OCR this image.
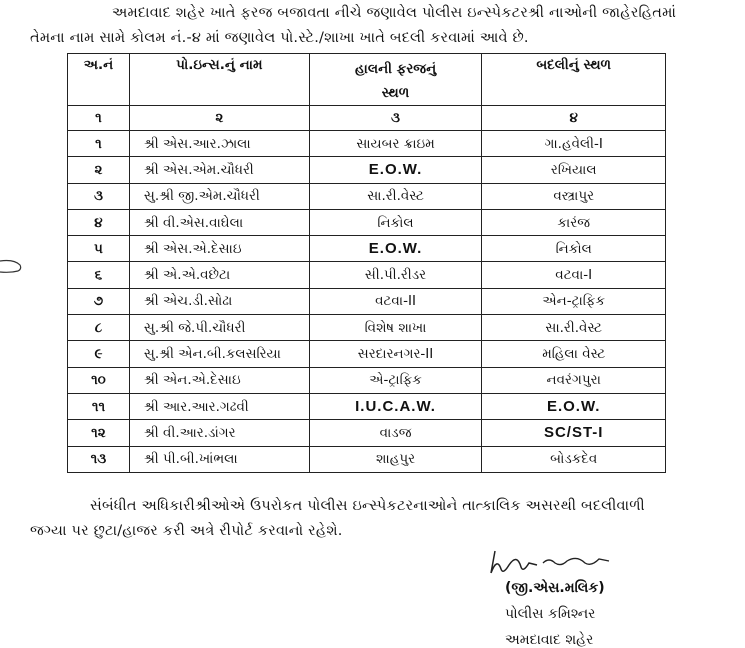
અમદાવાદ શહેર ખાતે ફરજ બજાવતા નીચે જણાવેલ પોલીસ ઇન્સ્પેકટરશ્રી નાઓની જાહેરહિતમાં
તેમના નામ સામે કોલમ નં.-૪ માં જણાવેલ પો.સ્ટે./શાખા ખાતે બદલી કરવામાં આવે છે.
અ.નં	પો.ઇન્સ.નું નામ	હાલની ફરજનું સ્થળ	બદલીનું સ્થળ
૧	૨	૩	૪
૧	શ્રી એસ.આર.ઝાલા	સાયબર ક્રાઇમ	ગા.હવેલી-I
૨	શ્રી એસ.એમ.ચૌધરી	E.O.W.	રખિયાલ
૩	સુ.શ્રી જી.એમ.ચૌધરી	સા.રી.વેસ્ટ	વસ્ત્રાપુર
૪	શ્રી વી.એસ.વાઘેલા	નિકોલ	કારંજ
૫	શ્રી એસ.એ.દેસાઇ	E.O.W.	નિકોલ
૬	શ્રી એ.એ.વછેટા	સી.પી.રીડર	વટવા-I
૭	શ્રી એચ.ડી.સોઢા	વટવા-II	એન-ટ્રાફિક
૮	સુ.શ્રી જે.પી.ચૌધરી	વિશેષ શાખા	સા.રી.વેસ્ટ
૯	સુ.શ્રી એન.બી.કલસરિયા	સરદારનગર-II	મહિલા વેસ્ટ
૧૦	શ્રી એન.એ.દેસાઇ	એ-ટ્રાફિક	નવરંગપુરા
૧૧	શ્રી આર.આર.ગઢવી	I.U.C.A.W.	E.O.W.
૧૨	શ્રી વી.આર.ડાંગર	વાડજ	SC/ST-I
૧૩	શ્રી પી.બી.ખાંભલા	શાહપુર	બોડકદેવ
સંબંધીત અધિકારીશ્રીઓએ ઉપરોકત પોલીસ ઇન્સ્પેકટરનાઓને તાત્કાલિક અસરથી બદલીવાળી
જગ્યા પર છુટા/હાજર કરી અત્રે રીપોર્ટ કરવાનો રહેશે.
(જી.એસ.મલિક)
પોલીસ કમિશ્નર
અમદાવાદ શહેર
